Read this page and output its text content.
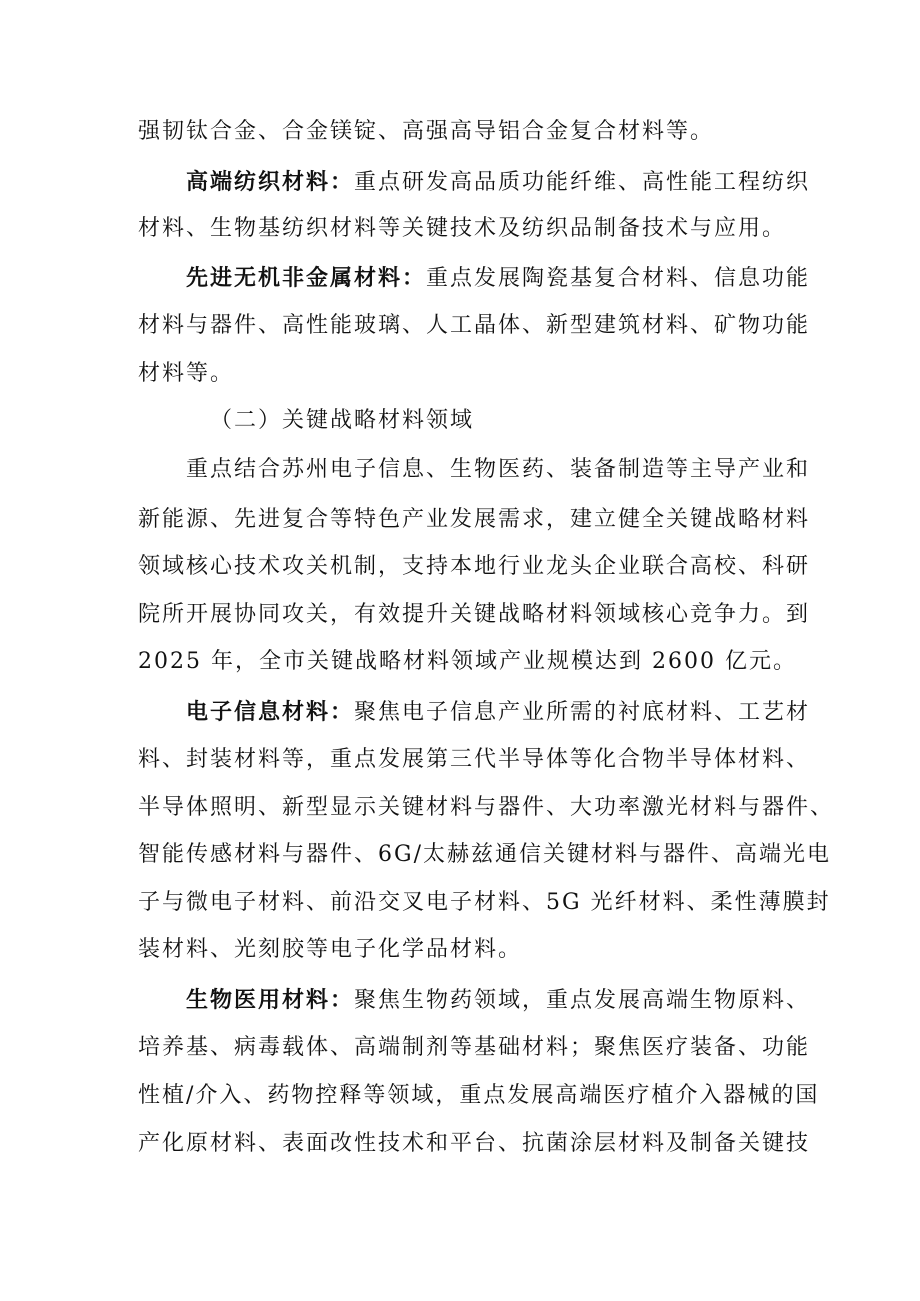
强韧钛合金、合金镁锭、高强高导铝合金复合材料等。
高端纺织材料：重点研发高品质功能纤维、高性能工程纺织
材料、生物基纺织材料等关键技术及纺织品制备技术与应用。
先进无机非金属材料：重点发展陶瓷基复合材料、信息功能
材料与器件、高性能玻璃、人工晶体、新型建筑材料、矿物功能
材料等。
（二）关键战略材料领域
重点结合苏州电子信息、生物医药、装备制造等主导产业和
新能源、先进复合等特色产业发展需求，建立健全关键战略材料
领域核心技术攻关机制，支持本地行业龙头企业联合高校、科研
院所开展协同攻关，有效提升关键战略材料领域核心竞争力。到
2025 年，全市关键战略材料领域产业规模达到 2600 亿元。
电子信息材料：聚焦电子信息产业所需的衬底材料、工艺材
料、封装材料等，重点发展第三代半导体等化合物半导体材料、
半导体照明、新型显示关键材料与器件、大功率激光材料与器件、
智能传感材料与器件、6G/太赫兹通信关键材料与器件、高端光电
子与微电子材料、前沿交叉电子材料、5G 光纤材料、柔性薄膜封
装材料、光刻胶等电子化学品材料。
生物医用材料：聚焦生物药领域，重点发展高端生物原料、
培养基、病毒载体、高端制剂等基础材料；聚焦医疗装备、功能
性植/介入、药物控释等领域，重点发展高端医疗植介入器械的国
产化原材料、表面改性技术和平台、抗菌涂层材料及制备关键技
